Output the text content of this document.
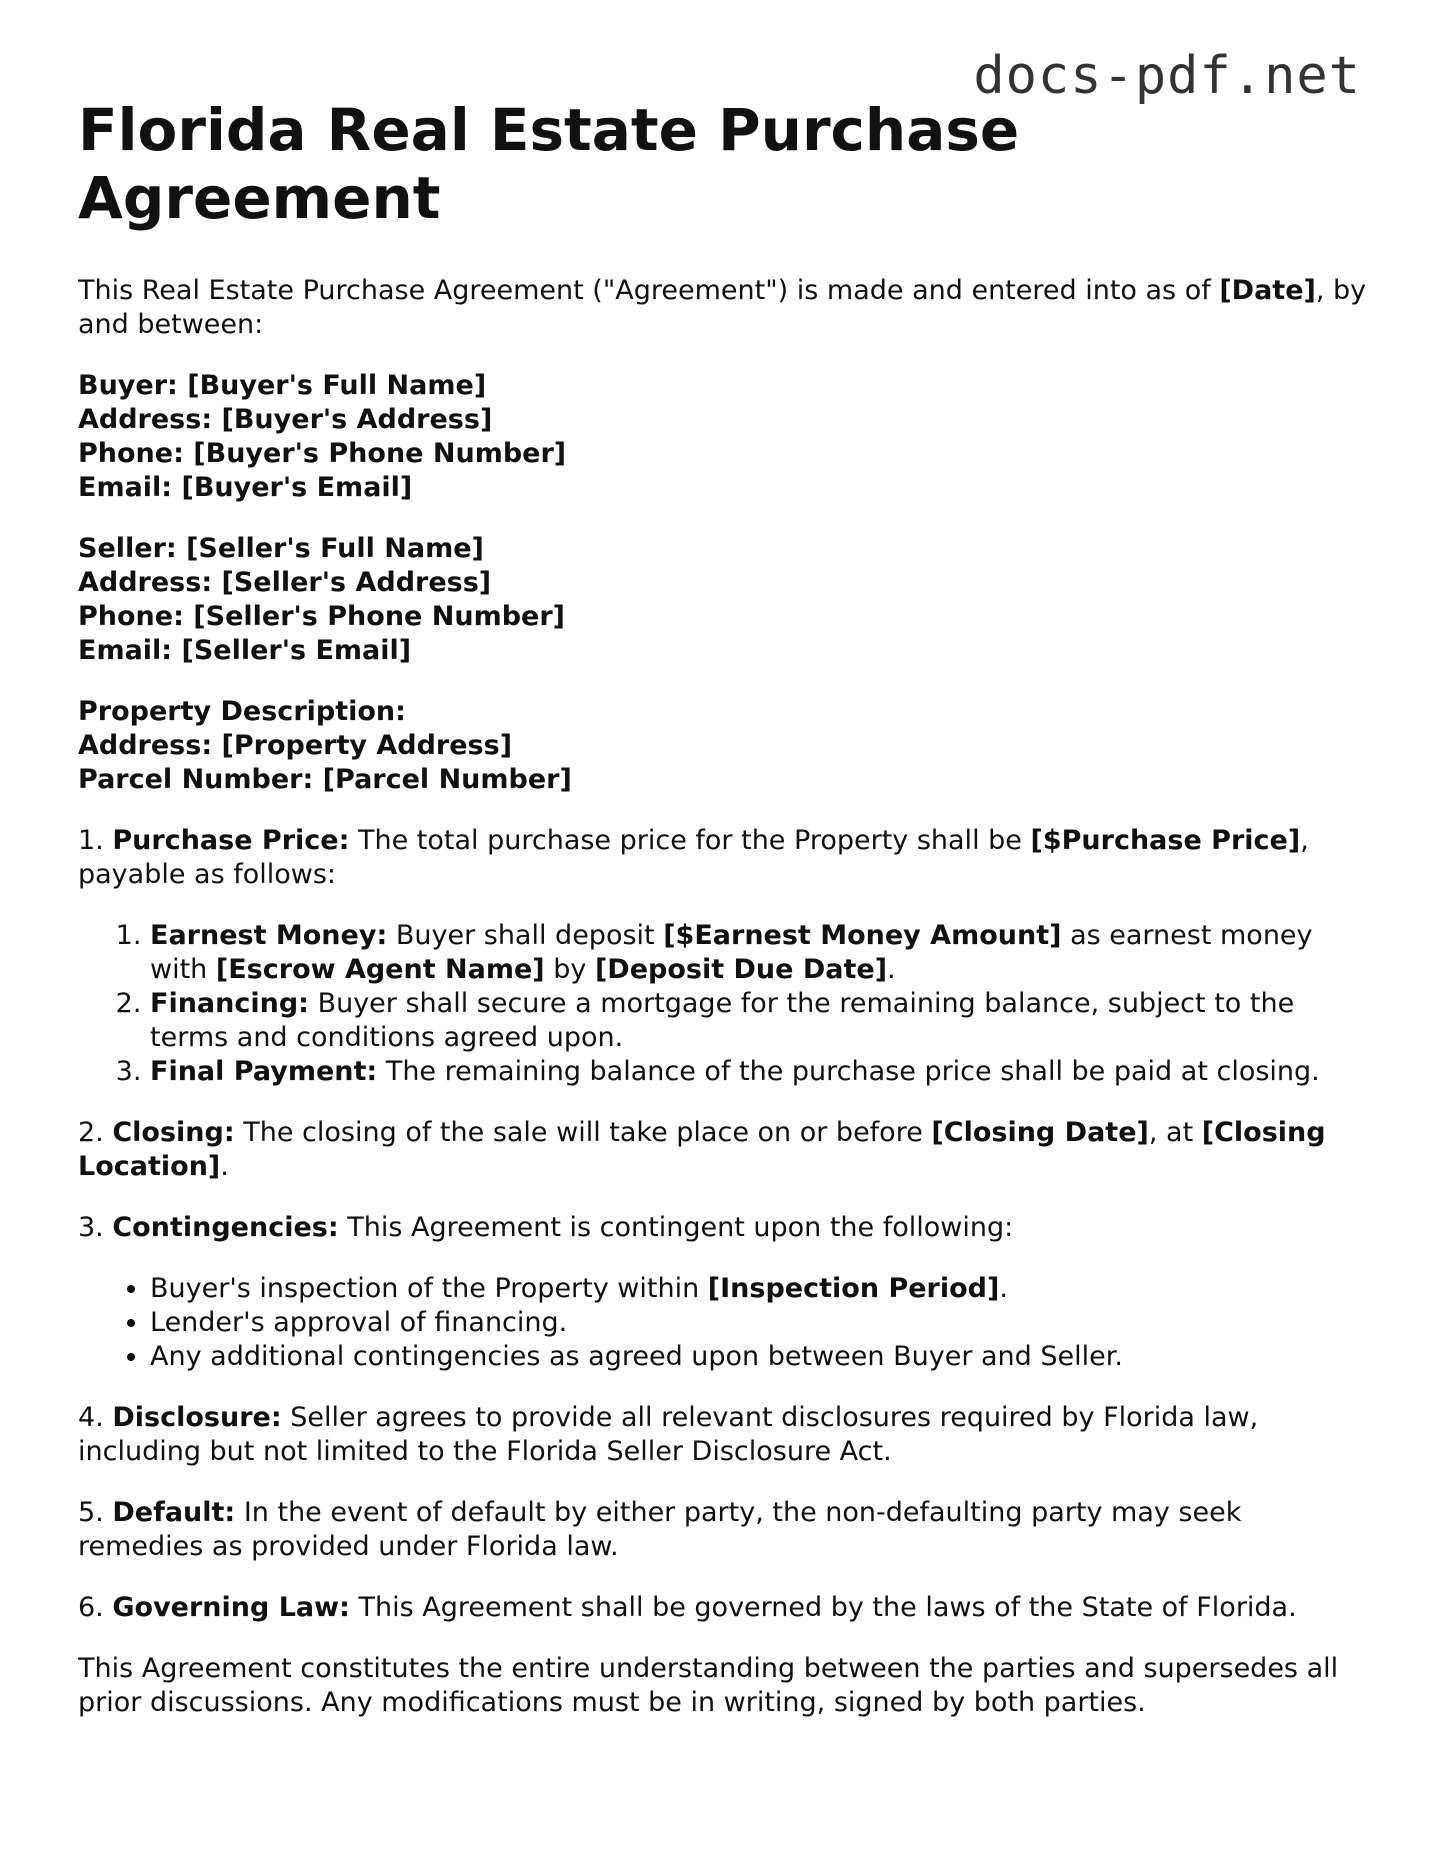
docs-pdf.net
Florida Real Estate Purchase Agreement

This Real Estate Purchase Agreement ("Agreement") is made and entered into as of [Date], by and between:

Buyer: [Buyer's Full Name]
Address: [Buyer's Address]
Phone: [Buyer's Phone Number]
Email: [Buyer's Email]
Seller: [Seller's Full Name]
Address: [Seller's Address]
Phone: [Seller's Phone Number]
Email: [Seller's Email]
Property Description:
Address: [Property Address]
Parcel Number: [Parcel Number]

1. Purchase Price: The total purchase price for the Property shall be [$Purchase Price], payable as follows:

1. Earnest Money: Buyer shall deposit [$Earnest Money Amount] as earnest money with [Escrow Agent Name] by [Deposit Due Date].
2. Financing: Buyer shall secure a mortgage for the remaining balance, subject to the terms and conditions agreed upon.
3. Final Payment: The remaining balance of the purchase price shall be paid at closing.

2. Closing: The closing of the sale will take place on or before [Closing Date], at [Closing Location].

3. Contingencies: This Agreement is contingent upon the following:

• Buyer's inspection of the Property within [Inspection Period].
• Lender's approval of financing.
• Any additional contingencies as agreed upon between Buyer and Seller.

4. Disclosure: Seller agrees to provide all relevant disclosures required by Florida law, including but not limited to the Florida Seller Disclosure Act.

5. Default: In the event of default by either party, the non-defaulting party may seek remedies as provided under Florida law.

6. Governing Law: This Agreement shall be governed by the laws of the State of Florida.

This Agreement constitutes the entire understanding between the parties and supersedes all prior discussions. Any modifications must be in writing, signed by both parties.
